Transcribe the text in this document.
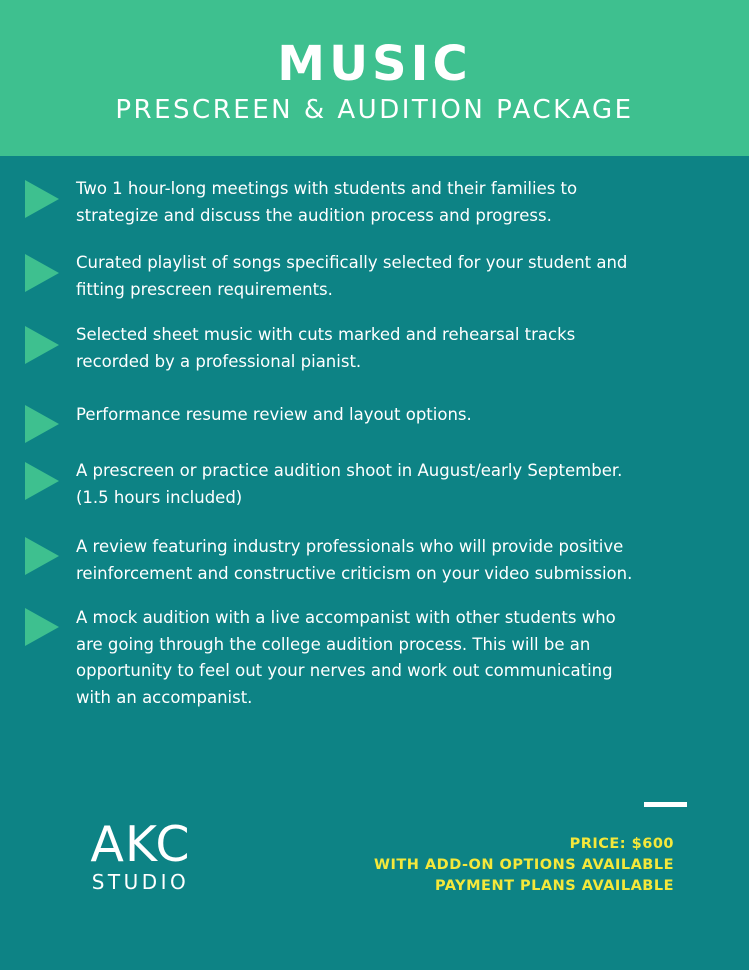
MUSIC
PRESCREEN & AUDITION PACKAGE
Two 1 hour-long meetings with students and their families to
strategize and discuss the audition process and progress.
Curated playlist of songs specifically selected for your student and
fitting prescreen requirements.
Selected sheet music with cuts marked and rehearsal tracks
recorded by a professional pianist.
Performance resume review and layout options.
A prescreen or practice audition shoot in August/early September.
(1.5 hours included)
A review featuring industry professionals who will provide positive
reinforcement and constructive criticism on your video submission.
A mock audition with a live accompanist with other students who
are going through the college audition process. This will be an
opportunity to feel out your nerves and work out communicating
with an accompanist.
AKC
STUDIO
PRICE: $600
WITH ADD-ON OPTIONS AVAILABLE
PAYMENT PLANS AVAILABLE
